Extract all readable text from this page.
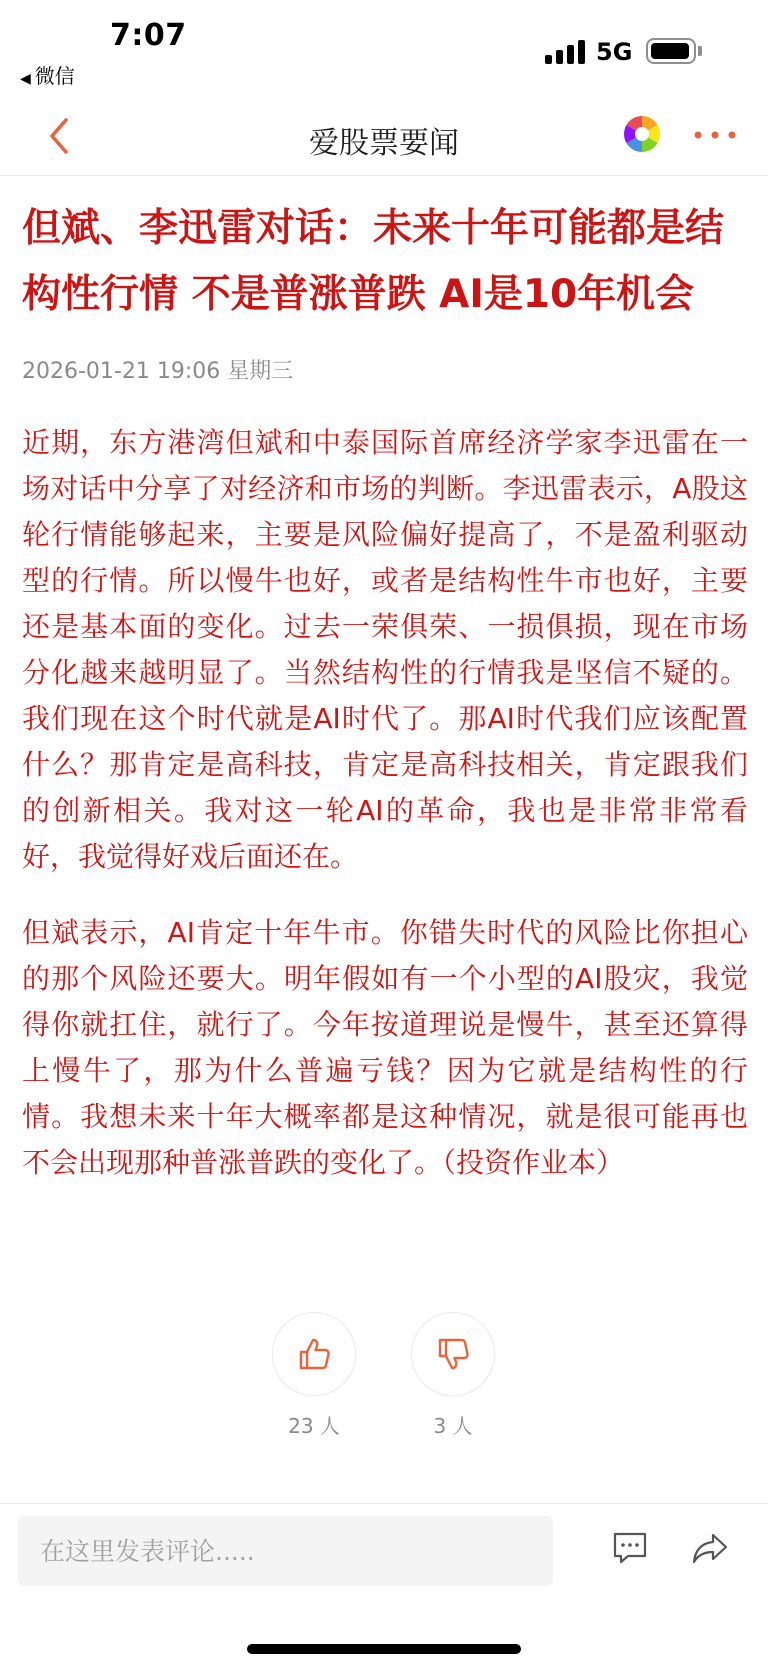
7:07
◀ 微信
5G
爱股票要闻
但斌、李迅雷对话：未来十年可能都是结构性行情 不是普涨普跌 AI是10年机会
2026-01-21 19:06 星期三

近期，东方港湾但斌和中泰国际首席经济学家李迅雷在一场对话中分享了对经济和市场的判断。李迅雷表示，A股这轮行情能够起来，主要是风险偏好提高了，不是盈利驱动型的行情。所以慢牛也好，或者是结构性牛市也好，主要还是基本面的变化。过去一荣俱荣、一损俱损，现在市场分化越来越明显了。当然结构性的行情我是坚信不疑的。我们现在这个时代就是AI时代了。那AI时代我们应该配置什么？那肯定是高科技，肯定是高科技相关，肯定跟我们的创新相关。我对这一轮AI的革命，我也是非常非常看好，我觉得好戏后面还在。

但斌表示，AI肯定十年牛市。你错失时代的风险比你担心的那个风险还要大。明年假如有一个小型的AI股灾，我觉得你就扛住，就行了。今年按道理说是慢牛，甚至还算得上慢牛了，那为什么普遍亏钱？因为它就是结构性的行情。我想未来十年大概率都是这种情况，就是很可能再也不会出现那种普涨普跌的变化了。（投资作业本）

23 人	3 人
在这里发表评论.....
